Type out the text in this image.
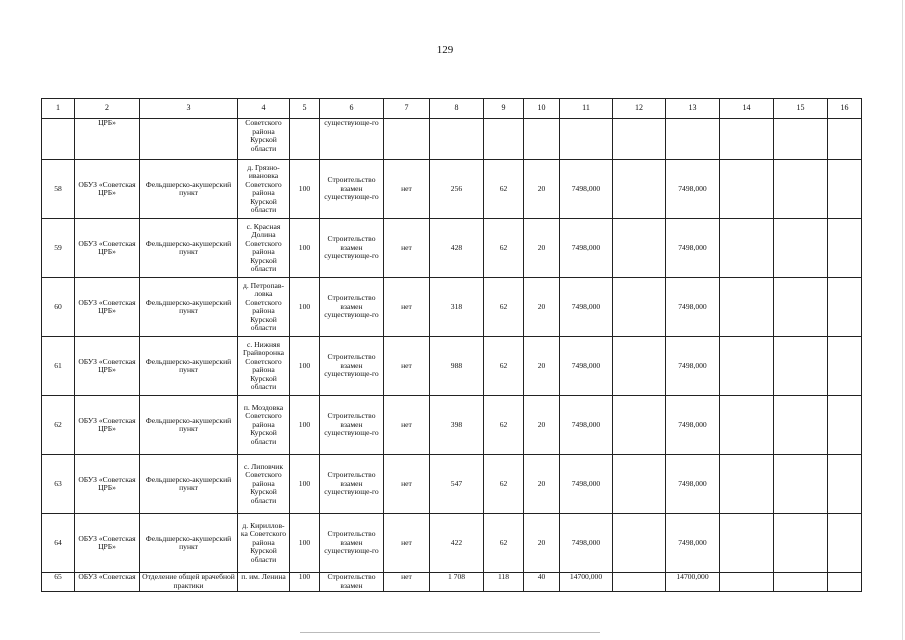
129
1	2	3	4	5	6	7	8	9	10	11	12	13	14	15	16
	ЦРБ»		Советского района Курской области		существующе-го										
58	ОБУЗ «Советская ЦРБ»	Фельдшерско-акушерский пункт	д. Грязно-ивановка Советского района Курской области	100	Строительство взамен существующе-го	нет	256	62	20	7498,000		7498,000			
59	ОБУЗ «Советская ЦРБ»	Фельдшерско-акушерский пункт	с. Красная Долина Советского района Курской области	100	Строительство взамен существующе-го	нет	428	62	20	7498,000		7498,000			
60	ОБУЗ «Советская ЦРБ»	Фельдшерско-акушерский пункт	д. Петропав-ловка Советского района Курской области	100	Строительство взамен существующе-го	нет	318	62	20	7498,000		7498,000			
61	ОБУЗ «Советская ЦРБ»	Фельдшерско-акушерский пункт	с. Нижняя Грайворонка Советского района Курской области	100	Строительство взамен существующе-го	нет	988	62	20	7498,000		7498,000			
62	ОБУЗ «Советская ЦРБ»	Фельдшерско-акушерский пункт	п. Моздовка Советского района Курской области	100	Строительство взамен существующе-го	нет	398	62	20	7498,000		7498,000			
63	ОБУЗ «Советская ЦРБ»	Фельдшерско-акушерский пункт	с. Липовчик Советского района Курской области	100	Строительство взамен существующе-го	нет	547	62	20	7498,000		7498,000			
64	ОБУЗ «Советская ЦРБ»	Фельдшерско-акушерский пункт	д. Кириллов-ка Советского района Курской области	100	Строительство взамен существующе-го	нет	422	62	20	7498,000		7498,000			
65	ОБУЗ «Советская	Отделение общей врачебной практики	п. им. Ленина	100	Строительство взамен	нет	1 708	118	40	14700,000		14700,000			
